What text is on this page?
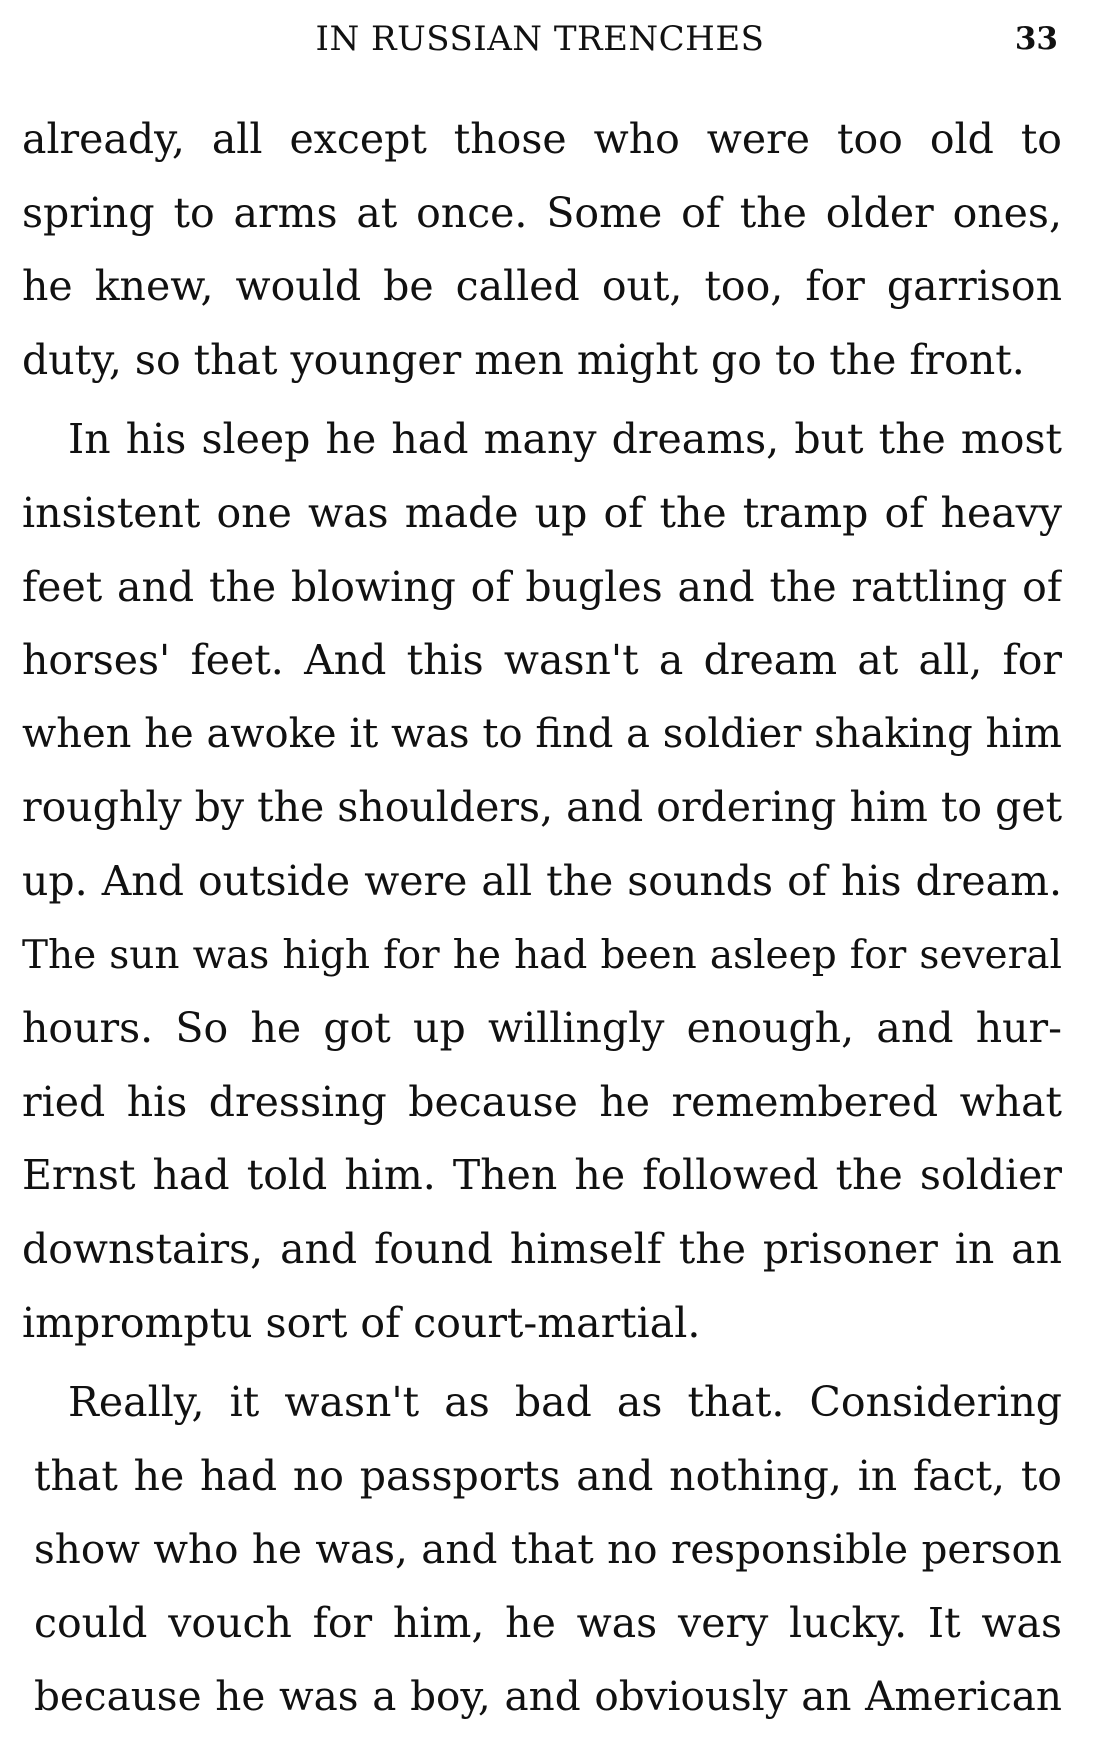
IN RUSSIAN TRENCHES	33
already, all except those who were too old to
spring to arms at once. Some of the older ones,
he knew, would be called out, too, for garrison
duty, so that younger men might go to the front.
In his sleep he had many dreams, but the most
insistent one was made up of the tramp of heavy
feet and the blowing of bugles and the rattling of
horses' feet. And this wasn't a dream at all, for
when he awoke it was to find a soldier shaking him
roughly by the shoulders, and ordering him to get
up. And outside were all the sounds of his dream.
The sun was high for he had been asleep for several
hours. So he got up willingly enough, and hur-
ried his dressing because he remembered what
Ernst had told him. Then he followed the soldier
downstairs, and found himself the prisoner in an
impromptu sort of court-martial.
Really, it wasn't as bad as that. Considering
that he had no passports and nothing, in fact, to
show who he was, and that no responsible person
could vouch for him, he was very lucky. It was
because he was a boy, and obviously an American
